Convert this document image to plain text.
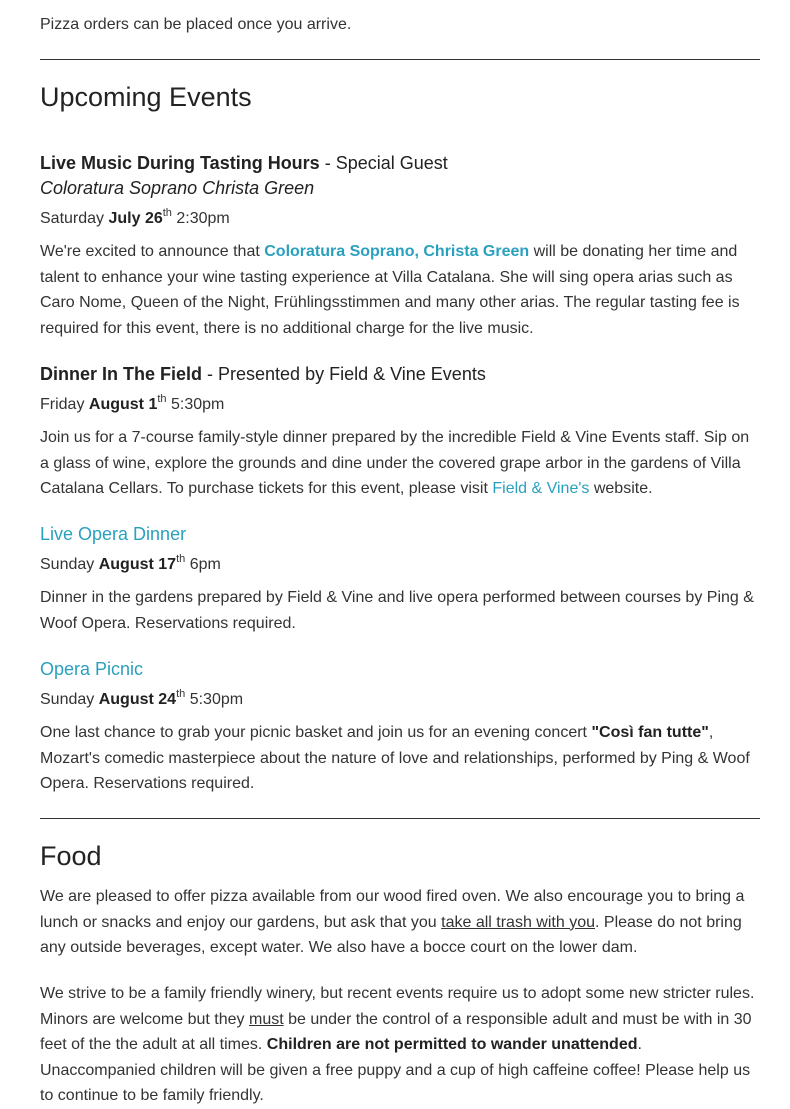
Pizza orders can be placed once you arrive.

Upcoming Events
Live Music During Tasting Hours - Special Guest
Coloratura Soprano Christa Green
Saturday July 26th 2:30pm

We're excited to announce that Coloratura Soprano, Christa Green will be donating her time and talent to enhance your wine tasting experience at Villa Catalana. She will sing opera arias such as Caro Nome, Queen of the Night, Frühlingsstimmen and many other arias. The regular tasting fee is required for this event, there is no additional charge for the live music.

Dinner In The Field - Presented by Field & Vine Events
Friday August 1th 5:30pm

Join us for a 7-course family-style dinner prepared by the incredible Field & Vine Events staff. Sip on a glass of wine, explore the grounds and dine under the covered grape arbor in the gardens of Villa Catalana Cellars. To purchase tickets for this event, please visit Field & Vine's website.

Live Opera Dinner
Sunday August 17th 6pm

Dinner in the gardens prepared by Field & Vine and live opera performed between courses by Ping & Woof Opera. Reservations required.

Opera Picnic
Sunday August 24th 5:30pm

One last chance to grab your picnic basket and join us for an evening concert "Così fan tutte", Mozart's comedic masterpiece about the nature of love and relationships, performed by Ping & Woof Opera. Reservations required.

Food

We are pleased to offer pizza available from our wood fired oven. We also encourage you to bring a lunch or snacks and enjoy our gardens, but ask that you take all trash with you. Please do not bring any outside beverages, except water. We also have a bocce court on the lower dam.

We strive to be a family friendly winery, but recent events require us to adopt some new stricter rules. Minors are welcome but they must be under the control of a responsible adult and must be with in 30 feet of the the adult at all times. Children are not permitted to wander unattended. Unaccompanied children will be given a free puppy and a cup of high caffeine coffee! Please help us to continue to be family friendly.
